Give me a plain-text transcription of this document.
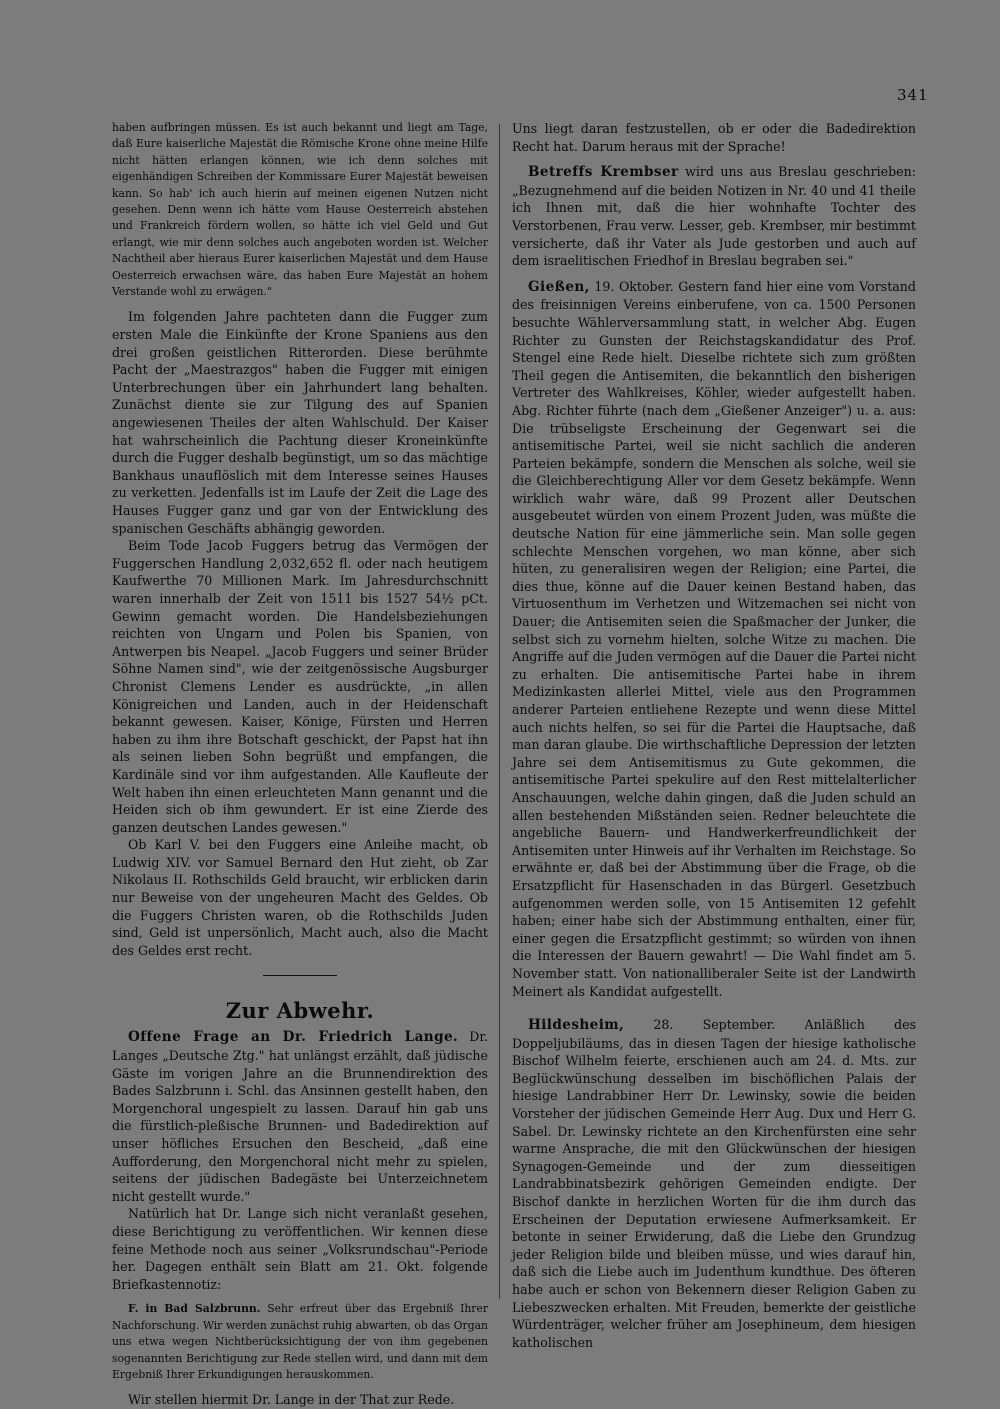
341

haben aufbringen müssen. Es ist auch bekannt und liegt am Tage, daß Eure kaiserliche Majestät die Römische Krone ohne meine Hilfe nicht hätten erlangen können, wie ich denn solches mit eigenhändigen Schreiben der Kommissare Eurer Majestät beweisen kann. So hab' ich auch hierin auf meinen eigenen Nutzen nicht gesehen. Denn wenn ich hätte vom Hause Oesterreich abstehen und Frankreich fördern wollen, so hätte ich viel Geld und Gut erlangt, wie mir denn solches auch angeboten worden ist. Welcher Nachtheil aber hieraus Eurer kaiserlichen Majestät und dem Hause Oesterreich erwachsen wäre, das haben Eure Majestät an hohem Verstande wohl zu erwägen."

Im folgenden Jahre pachteten dann die Fugger zum ersten Male die Einkünfte der Krone Spaniens aus den drei großen geistlichen Ritterorden. Diese berühmte Pacht der „Maestrazgos" haben die Fugger mit einigen Unterbrechungen über ein Jahrhundert lang behalten. Zunächst diente sie zur Tilgung des auf Spanien angewiesenen Theiles der alten Wahlschuld. Der Kaiser hat wahrscheinlich die Pachtung dieser Kroneinkünfte durch die Fugger deshalb begünstigt, um so das mächtige Bankhaus unauflöslich mit dem Interesse seines Hauses zu verketten. Jedenfalls ist im Laufe der Zeit die Lage des Hauses Fugger ganz und gar von der Entwicklung des spanischen Geschäfts abhängig geworden.

Beim Tode Jacob Fuggers betrug das Vermögen der Fuggerschen Handlung 2,032,652 fl. oder nach heutigem Kaufwerthe 70 Millionen Mark. Im Jahresdurchschnitt waren innerhalb der Zeit von 1511 bis 1527 54½ pCt. Gewinn gemacht worden. Die Handelsbeziehungen reichten von Ungarn und Polen bis Spanien, von Antwerpen bis Neapel. „Jacob Fuggers und seiner Brüder Söhne Namen sind", wie der zeitgenössische Augsburger Chronist Clemens Lender es ausdrückte, „in allen Königreichen und Landen, auch in der Heidenschaft bekannt gewesen. Kaiser, Könige, Fürsten und Herren haben zu ihm ihre Botschaft geschickt, der Papst hat ihn als seinen lieben Sohn begrüßt und empfangen, die Kardinäle sind vor ihm aufgestanden. Alle Kaufleute der Welt haben ihn einen erleuchteten Mann genannt und die Heiden sich ob ihm gewundert. Er ist eine Zierde des ganzen deutschen Landes gewesen."

Ob Karl V. bei den Fuggers eine Anleihe macht, ob Ludwig XIV. vor Samuel Bernard den Hut zieht, ob Zar Nikolaus II. Rothschilds Geld braucht, wir erblicken darin nur Beweise von der ungeheuren Macht des Geldes. Ob die Fuggers Christen waren, ob die Rothschilds Juden sind, Geld ist unpersönlich, Macht auch, also die Macht des Geldes erst recht.

Zur Abwehr.

Offene Frage an Dr. Friedrich Lange. Dr. Langes „Deutsche Ztg." hat unlängst erzählt, daß jüdische Gäste im vorigen Jahre an die Brunnendirektion des Bades Salzbrunn i. Schl. das Ansinnen gestellt haben, den Morgenchoral ungespielt zu lassen. Darauf hin gab uns die fürstlich-pleßische Brunnen- und Badedirektion auf unser höfliches Ersuchen den Bescheid, „daß eine Aufforderung, den Morgenchoral nicht mehr zu spielen, seitens der jüdischen Badegäste bei Unterzeichnetem nicht gestellt wurde."

Natürlich hat Dr. Lange sich nicht veranlaßt gesehen, diese Berichtigung zu veröffentlichen. Wir kennen diese feine Methode noch aus seiner „Volksrundschau"-Periode her. Dagegen enthält sein Blatt am 21. Okt. folgende Briefkastennotiz:

F. in Bad Salzbrunn. Sehr erfreut über das Ergebniß Ihrer Nachforschung. Wir werden zunächst ruhig abwarten, ob das Organ uns etwa wegen Nichtberücksichtigung der von ihm gegebenen sogenannten Berichtigung zur Rede stellen wird, und dann mit dem Ergebniß Ihrer Erkundigungen herauskommen.

Wir stellen hiermit Dr. Lange in der That zur Rede.

Uns liegt daran festzustellen, ob er oder die Badedirektion Recht hat. Darum heraus mit der Sprache!

Betreffs Krembser wird uns aus Breslau geschrieben: „Bezugnehmend auf die beiden Notizen in Nr. 40 und 41 theile ich Ihnen mit, daß die hier wohnhafte Tochter des Verstorbenen, Frau verw. Lesser, geb. Krembser, mir bestimmt versicherte, daß ihr Vater als Jude gestorben und auch auf dem israelitischen Friedhof in Breslau begraben sei."

Gießen, 19. Oktober. Gestern fand hier eine vom Vorstand des freisinnigen Vereins einberufene, von ca. 1500 Personen besuchte Wählerversammlung statt, in welcher Abg. Eugen Richter zu Gunsten der Reichstagskandidatur des Prof. Stengel eine Rede hielt. Dieselbe richtete sich zum größten Theil gegen die Antisemiten, die bekanntlich den bisherigen Vertreter des Wahlkreises, Köhler, wieder aufgestellt haben. Abg. Richter führte (nach dem „Gießener Anzeiger") u. a. aus: Die trübseligste Erscheinung der Gegenwart sei die antisemitische Partei, weil sie nicht sachlich die anderen Parteien bekämpfe, sondern die Menschen als solche, weil sie die Gleichberechtigung Aller vor dem Gesetz bekämpfe. Wenn wirklich wahr wäre, daß 99 Prozent aller Deutschen ausgebeutet würden von einem Prozent Juden, was müßte die deutsche Nation für eine jämmerliche sein. Man solle gegen schlechte Menschen vorgehen, wo man könne, aber sich hüten, zu generalisiren wegen der Religion; eine Partei, die dies thue, könne auf die Dauer keinen Bestand haben, das Virtuosenthum im Verhetzen und Witzemachen sei nicht von Dauer; die Antisemiten seien die Spaßmacher der Junker, die selbst sich zu vornehm hielten, solche Witze zu machen. Die Angriffe auf die Juden vermögen auf die Dauer die Partei nicht zu erhalten. Die antisemitische Partei habe in ihrem Medizinkasten allerlei Mittel, viele aus den Programmen anderer Parteien entliehene Rezepte und wenn diese Mittel auch nichts helfen, so sei für die Partei die Hauptsache, daß man daran glaube. Die wirthschaftliche Depression der letzten Jahre sei dem Antisemitismus zu Gute gekommen, die antisemitische Partei spekulire auf den Rest mittelalterlicher Anschauungen, welche dahin gingen, daß die Juden schuld an allen bestehenden Mißständen seien. Redner beleuchtete die angebliche Bauern- und Handwerkerfreundlichkeit der Antisemiten unter Hinweis auf ihr Verhalten im Reichstage. So erwähnte er, daß bei der Abstimmung über die Frage, ob die Ersatzpflicht für Hasenschaden in das Bürgerl. Gesetzbuch aufgenommen werden solle, von 15 Antisemiten 12 gefehlt haben; einer habe sich der Abstimmung enthalten, einer für, einer gegen die Ersatzpflicht gestimmt; so würden von ihnen die Interessen der Bauern gewahrt! — Die Wahl findet am 5. November statt. Von nationalliberaler Seite ist der Landwirth Meinert als Kandidat aufgestellt.

Hildesheim, 28. September. Anläßlich des Doppeljubiläums, das in diesen Tagen der hiesige katholische Bischof Wilhelm feierte, erschienen auch am 24. d. Mts. zur Beglückwünschung desselben im bischöflichen Palais der hiesige Landrabbiner Herr Dr. Lewinsky, sowie die beiden Vorsteher der jüdischen Gemeinde Herr Aug. Dux und Herr G. Sabel. Dr. Lewinsky richtete an den Kirchenfürsten eine sehr warme Ansprache, die mit den Glückwünschen der hiesigen Synagogen-Gemeinde und der zum diesseitigen Landrabbinatsbezirk gehörigen Gemeinden endigte. Der Bischof dankte in herzlichen Worten für die ihm durch das Erscheinen der Deputation erwiesene Aufmerksamkeit. Er betonte in seiner Erwiderung, daß die Liebe den Grundzug jeder Religion bilde und bleiben müsse, und wies darauf hin, daß sich die Liebe auch im Judenthum kundthue. Des öfteren habe auch er schon von Bekennern dieser Religion Gaben zu Liebeszwecken erhalten. Mit Freuden, bemerkte der geistliche Würdenträger, welcher früher am Josephineum, dem hiesigen katholischen
